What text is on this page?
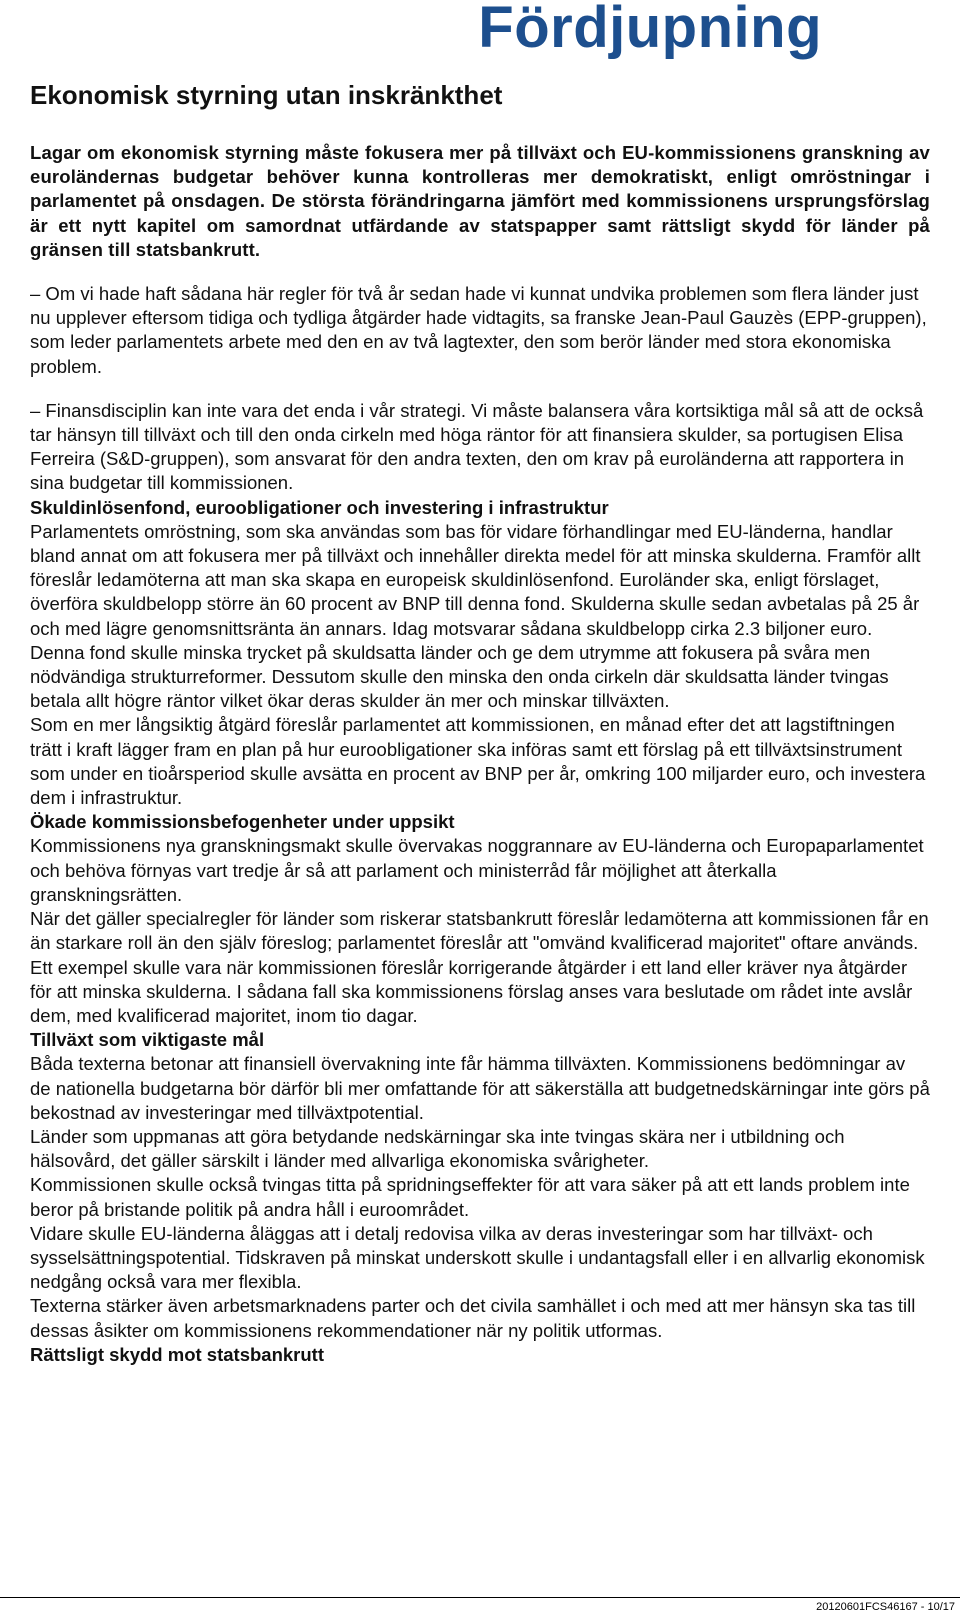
Fördjupning
Ekonomisk styrning utan inskränkthet

Lagar om ekonomisk styrning måste fokusera mer på tillväxt och EU-kommissionens granskning av euroländernas budgetar behöver kunna kontrolleras mer demokratiskt, enligt omröstningar i parlamentet på onsdagen. De största förändringarna jämfört med kommissionens ursprungsförslag är ett nytt kapitel om samordnat utfärdande av statspapper samt rättsligt skydd för länder på gränsen till statsbankrutt.

– Om vi hade haft sådana här regler för två år sedan hade vi kunnat undvika problemen som flera länder just nu upplever eftersom tidiga och tydliga åtgärder hade vidtagits, sa franske Jean-Paul Gauzès (EPP-gruppen), som leder parlamentets arbete med den en av två lagtexter, den som berör länder med stora ekonomiska problem.

– Finansdisciplin kan inte vara det enda i vår strategi. Vi måste balansera våra kortsiktiga mål så att de också tar hänsyn till tillväxt och till den onda cirkeln med höga räntor för att finansiera skulder, sa portugisen Elisa Ferreira (S&D-gruppen), som ansvarat för den andra texten, den om krav på euroländerna att rapportera in sina budgetar till kommissionen.

Skuldinlösenfond, euroobligationer och investering i infrastruktur

Parlamentets omröstning, som ska användas som bas för vidare förhandlingar med EU-länderna, handlar bland annat om att fokusera mer på tillväxt och innehåller direkta medel för att minska skulderna. Framför allt föreslår ledamöterna att man ska skapa en europeisk skuldinlösenfond. Euroländer ska, enligt förslaget, överföra skuldbelopp större än 60 procent av BNP till denna fond. Skulderna skulle sedan avbetalas på 25 år och med lägre genomsnittsränta än annars. Idag motsvarar sådana skuldbelopp cirka 2.3 biljoner euro. Denna fond skulle minska trycket på skuldsatta länder och ge dem utrymme att fokusera på svåra men nödvändiga strukturreformer. Dessutom skulle den minska den onda cirkeln där skuldsatta länder tvingas betala allt högre räntor vilket ökar deras skulder än mer och minskar tillväxten.

Som en mer långsiktig åtgärd föreslår parlamentet att kommissionen, en månad efter det att lagstiftningen trätt i kraft lägger fram en plan på hur euroobligationer ska införas samt ett förslag på ett tillväxtsinstrument som under en tioårsperiod skulle avsätta en procent av BNP per år, omkring 100 miljarder euro, och investera dem i infrastruktur.

Ökade kommissionsbefogenheter under uppsikt

Kommissionens nya granskningsmakt skulle övervakas noggrannare av EU-länderna och Europaparlamentet och behöva förnyas vart tredje år så att parlament och ministerråd får möjlighet att återkalla granskningsrätten.

När det gäller specialregler för länder som riskerar statsbankrutt föreslår ledamöterna att kommissionen får en än starkare roll än den själv föreslog; parlamentet föreslår att "omvänd kvalificerad majoritet" oftare används.

Ett exempel skulle vara när kommissionen föreslår korrigerande åtgärder i ett land eller kräver nya åtgärder för att minska skulderna. I sådana fall ska kommissionens förslag anses vara beslutade om rådet inte avslår dem, med kvalificerad majoritet, inom tio dagar.

Tillväxt som viktigaste mål

Båda texterna betonar att finansiell övervakning inte får hämma tillväxten. Kommissionens bedömningar av de nationella budgetarna bör därför bli mer omfattande för att säkerställa att budgetnedskärningar inte görs på bekostnad av investeringar med tillväxtpotential.

Länder som uppmanas att göra betydande nedskärningar ska inte tvingas skära ner i utbildning och hälsovård, det gäller särskilt i länder med allvarliga ekonomiska svårigheter.

Kommissionen skulle också tvingas titta på spridningseffekter för att vara säker på att ett lands problem inte beror på bristande politik på andra håll i euroområdet.

Vidare skulle EU-länderna åläggas att i detalj redovisa vilka av deras investeringar som har tillväxt- och sysselsättningspotential. Tidskraven på minskat underskott skulle i undantagsfall eller i en allvarlig ekonomisk nedgång också vara mer flexibla.

Texterna stärker även arbetsmarknadens parter och det civila samhället i och med att mer hänsyn ska tas till dessas åsikter om kommissionens rekommendationer när ny politik utformas.

Rättsligt skydd mot statsbankrutt

20120601FCS46167 - 10/17
